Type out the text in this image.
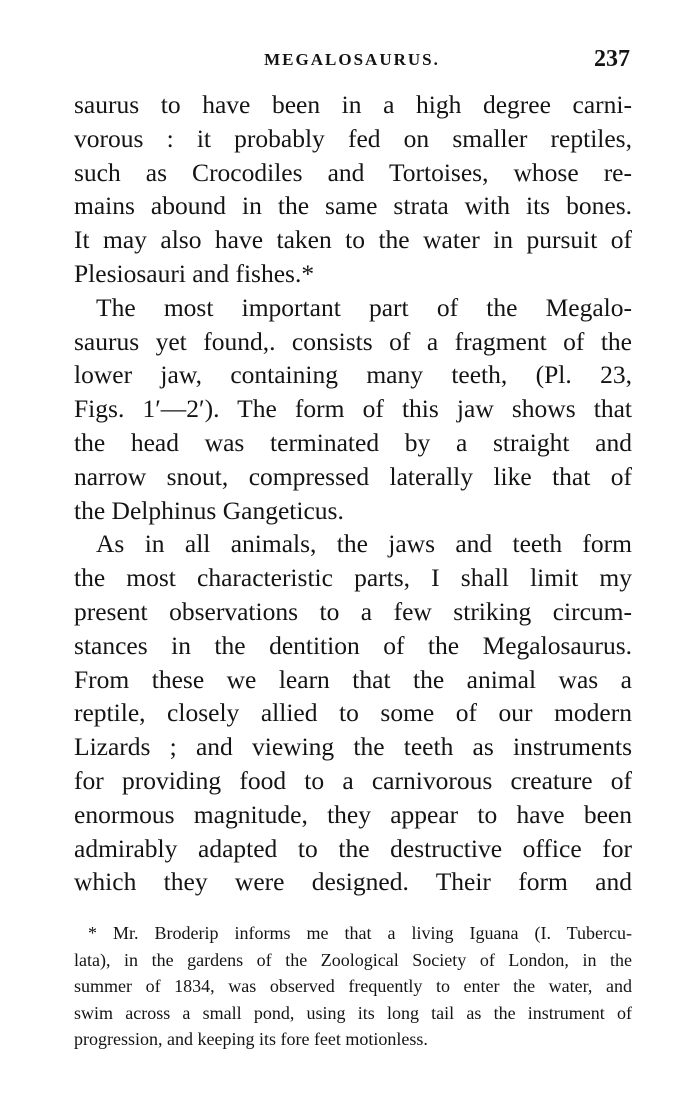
MEGALOSAURUS.	237
saurus to have been in a high degree carni-
vorous : it probably fed on smaller reptiles,
such as Crocodiles and Tortoises, whose re-
mains abound in the same strata with its bones.
It may also have taken to the water in pursuit of
Plesiosauri and fishes.*
The most important part of the Megalo-
saurus yet found,. consists of a fragment of the
lower jaw, containing many teeth, (Pl. 23,
Figs. 1′—2′). The form of this jaw shows that
the head was terminated by a straight and
narrow snout, compressed laterally like that of
the Delphinus Gangeticus.
As in all animals, the jaws and teeth form
the most characteristic parts, I shall limit my
present observations to a few striking circum-
stances in the dentition of the Megalosaurus.
From these we learn that the animal was a
reptile, closely allied to some of our modern
Lizards ; and viewing the teeth as instruments
for providing food to a carnivorous creature of
enormous magnitude, they appear to have been
admirably adapted to the destructive office for
which they were designed. Their form and
* Mr. Broderip informs me that a living Iguana (I. Tubercu-
lata), in the gardens of the Zoological Society of London, in the
summer of 1834, was observed frequently to enter the water, and
swim across a small pond, using its long tail as the instrument of
progression, and keeping its fore feet motionless.
